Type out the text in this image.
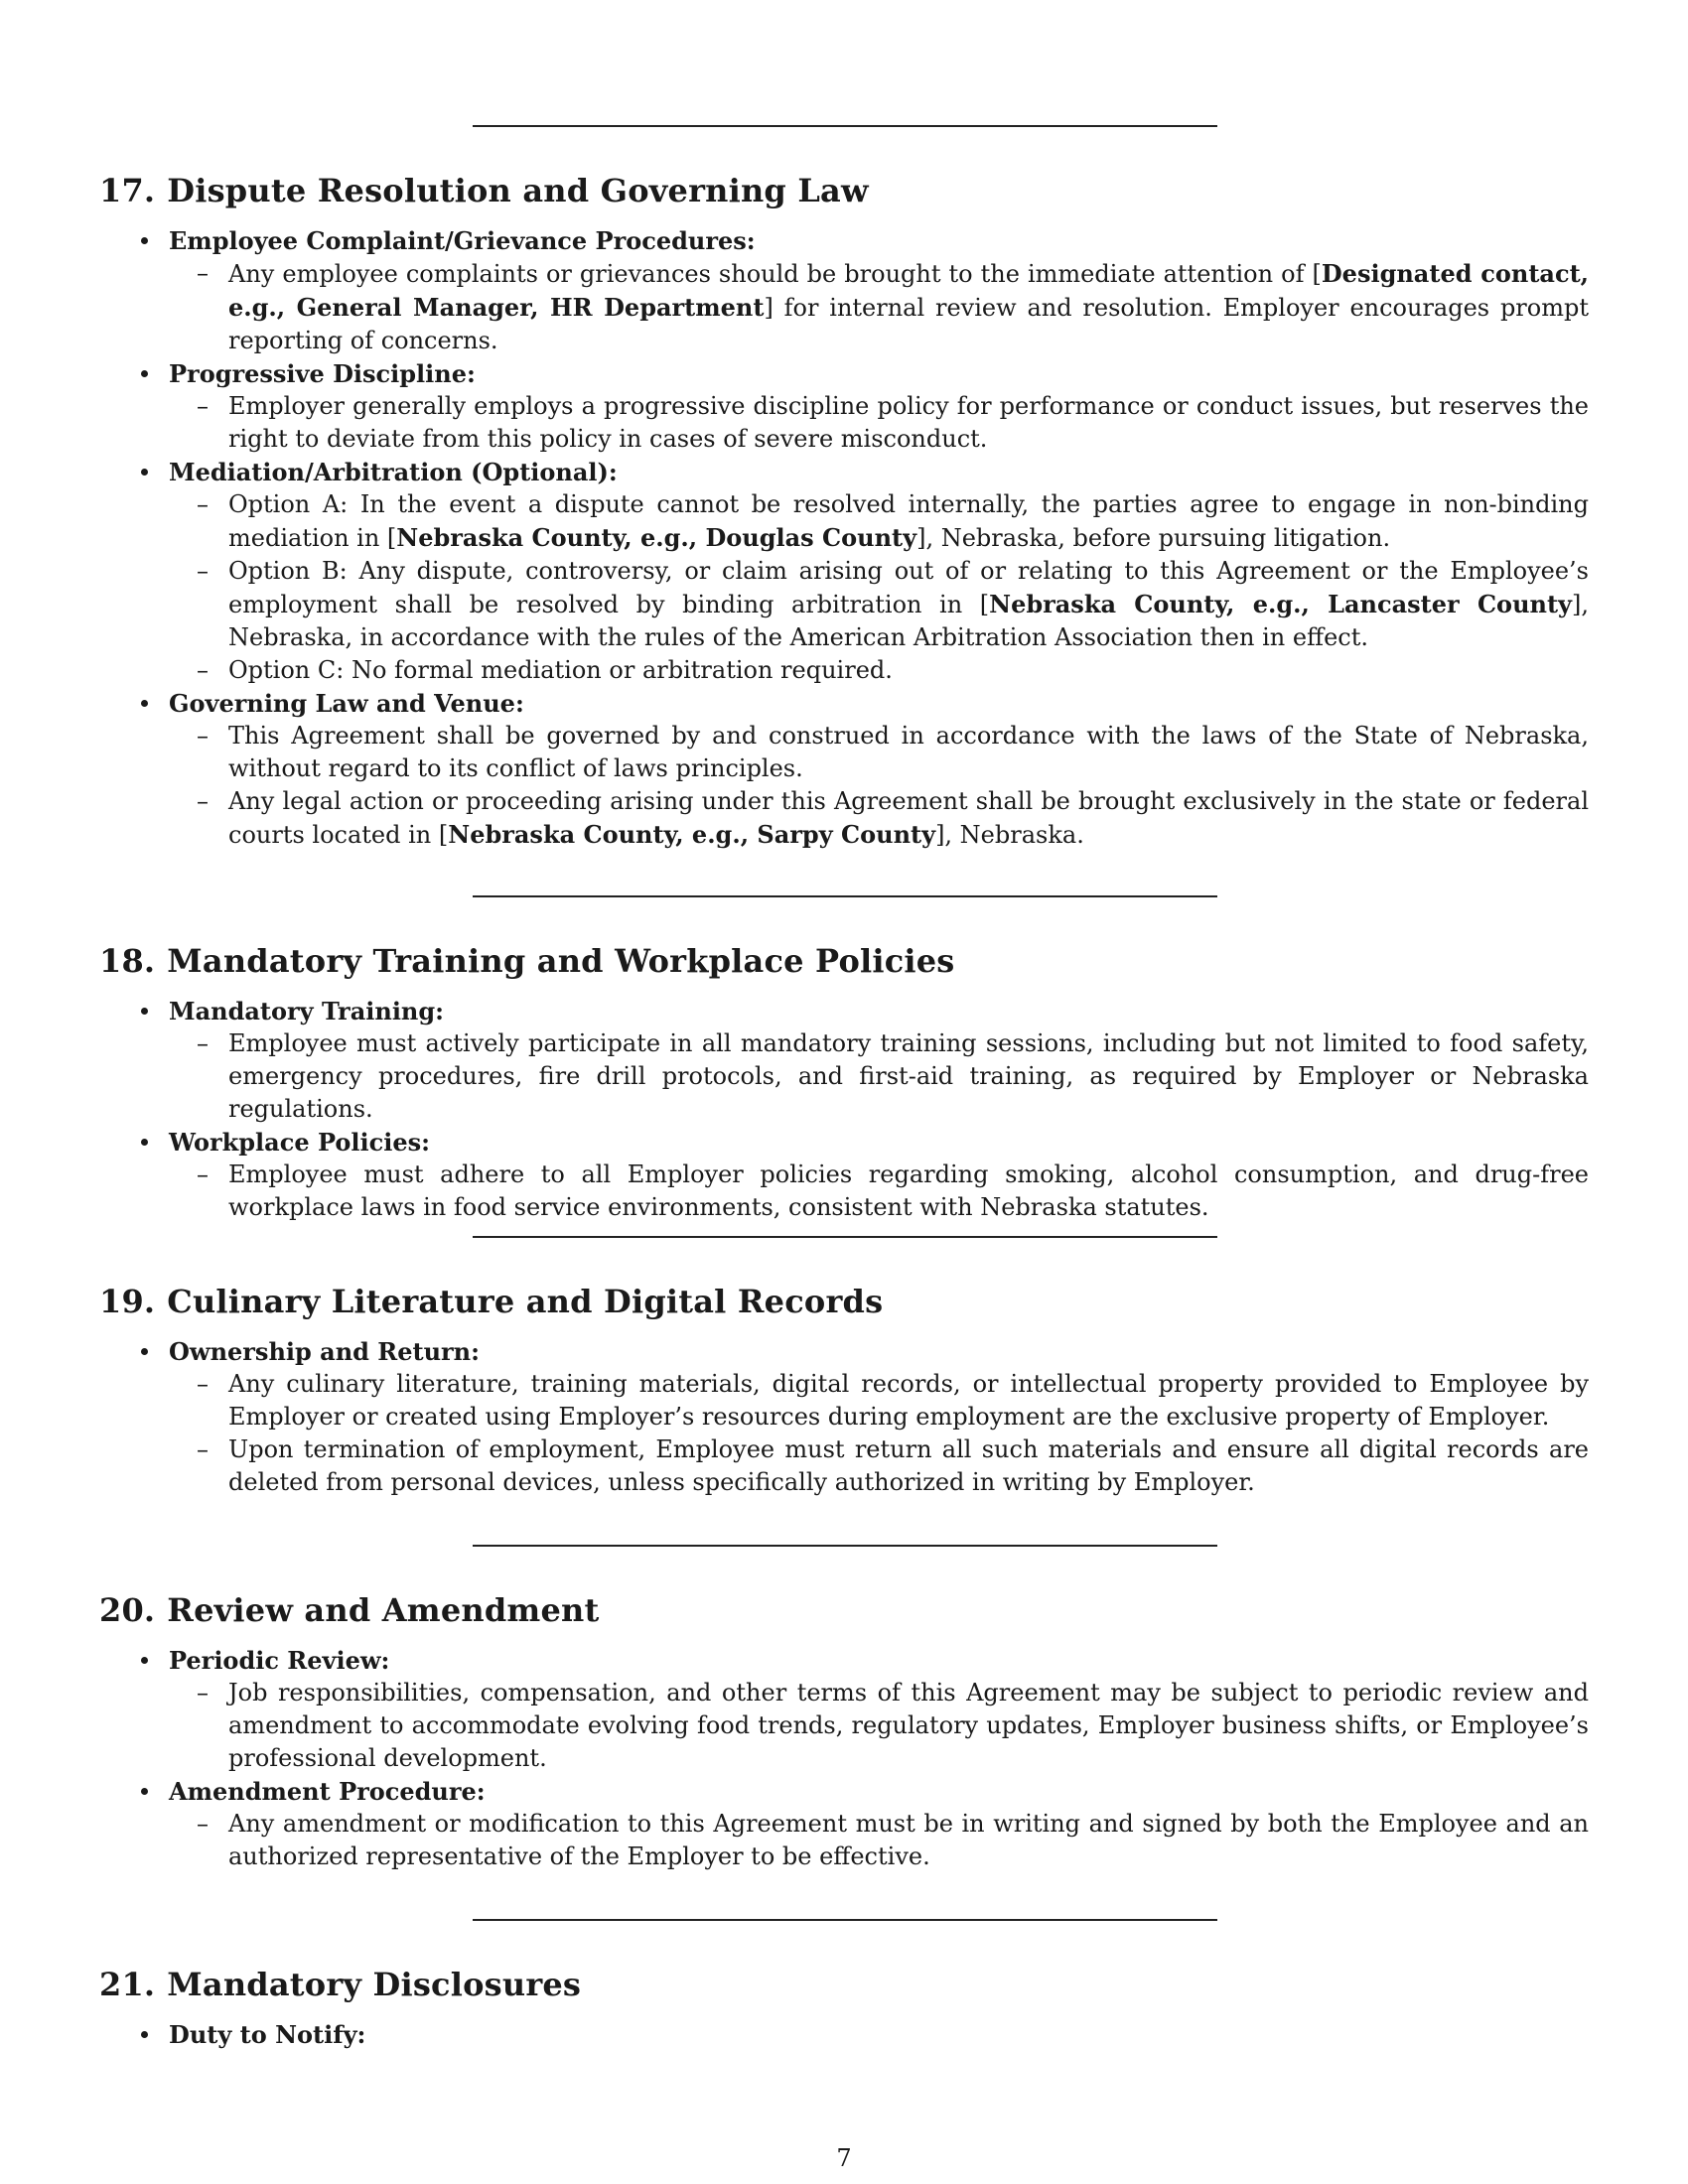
17. Dispute Resolution and Governing Law
Employee Complaint/Grievance Procedures:
– Any employee complaints or grievances should be brought to the immediate attention of [Designated contact, e.g., General Manager, HR Department] for internal review and resolution. Employer encourages prompt reporting of concerns.
Progressive Discipline:
– Employer generally employs a progressive discipline policy for performance or conduct issues, but reserves the right to deviate from this policy in cases of severe misconduct.
Mediation/Arbitration (Optional):
– Option A: In the event a dispute cannot be resolved internally, the parties agree to engage in non-binding mediation in [Nebraska County, e.g., Douglas County], Nebraska, before pursuing litigation.
– Option B: Any dispute, controversy, or claim arising out of or relating to this Agreement or the Employee’s employment shall be resolved by binding arbitration in [Nebraska County, e.g., Lancaster County], Nebraska, in accordance with the rules of the American Arbitration Association then in effect.
– Option C: No formal mediation or arbitration required.
Governing Law and Venue:
– This Agreement shall be governed by and construed in accordance with the laws of the State of Nebraska, without regard to its conflict of laws principles.
– Any legal action or proceeding arising under this Agreement shall be brought exclusively in the state or federal courts located in [Nebraska County, e.g., Sarpy County], Nebraska.
18. Mandatory Training and Workplace Policies
Mandatory Training:
– Employee must actively participate in all mandatory training sessions, including but not limited to food safety, emergency procedures, fire drill protocols, and first-aid training, as required by Employer or Nebraska regulations.
Workplace Policies:
– Employee must adhere to all Employer policies regarding smoking, alcohol consumption, and drug-free workplace laws in food service environments, consistent with Nebraska statutes.
19. Culinary Literature and Digital Records
Ownership and Return:
– Any culinary literature, training materials, digital records, or intellectual property provided to Employee by Employer or created using Employer’s resources during employment are the exclusive property of Employer.
– Upon termination of employment, Employee must return all such materials and ensure all digital records are deleted from personal devices, unless specifically authorized in writing by Employer.
20. Review and Amendment
Periodic Review:
– Job responsibilities, compensation, and other terms of this Agreement may be subject to periodic review and amendment to accommodate evolving food trends, regulatory updates, Employer business shifts, or Employee’s professional development.
Amendment Procedure:
– Any amendment or modification to this Agreement must be in writing and signed by both the Employee and an authorized representative of the Employer to be effective.
21. Mandatory Disclosures
Duty to Notify:
7
